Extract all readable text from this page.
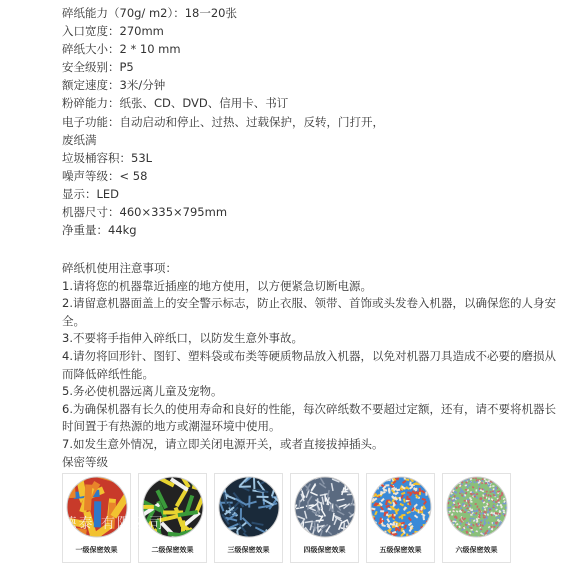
碎纸能力（70g/ m2）：18一20张
入口宽度：270mm
碎纸大小：2 * 10 mm
安全级别：P5
额定速度：3米/分钟
粉碎能力：纸张、CD、DVD、信用卡、书订
电子功能：自动启动和停止、过热、过载保护，反转，门打开，
废纸满
垃圾桶容积：53L
噪声等级：< 58
显示：LED
机器尺寸：460×335×795mm
净重量：44kg
碎纸机使用注意事项：
1.请将您的机器靠近插座的地方使用，以方便紧急切断电源。
2.请留意机器面盖上的安全警示标志，防止衣服、领带、首饰或头发卷入机器，以确保您的人身安全。
3.不要将手指伸入碎纸口，以防发生意外事故。
4.请勿将回形针、图钉、塑料袋或布类等硬质物品放入机器，以免对机器刀具造成不必要的磨损从而降低碎纸性能。
5.务必使机器远离儿童及宠物。
6.为确保机器有长久的使用寿命和良好的性能，每次碎纸数不要超过定额，还有，请不要将机器长时间置于有热源的地方或潮湿环境中使用。
7.如发生意外情况，请立即关闭电源开关，或者直接拔掉插头。
保密等级
一级保密效果	二级保密效果	三级保密效果	四级保密效果	五级保密效果	六级保密效果
深圳市 德泰 有限公司
